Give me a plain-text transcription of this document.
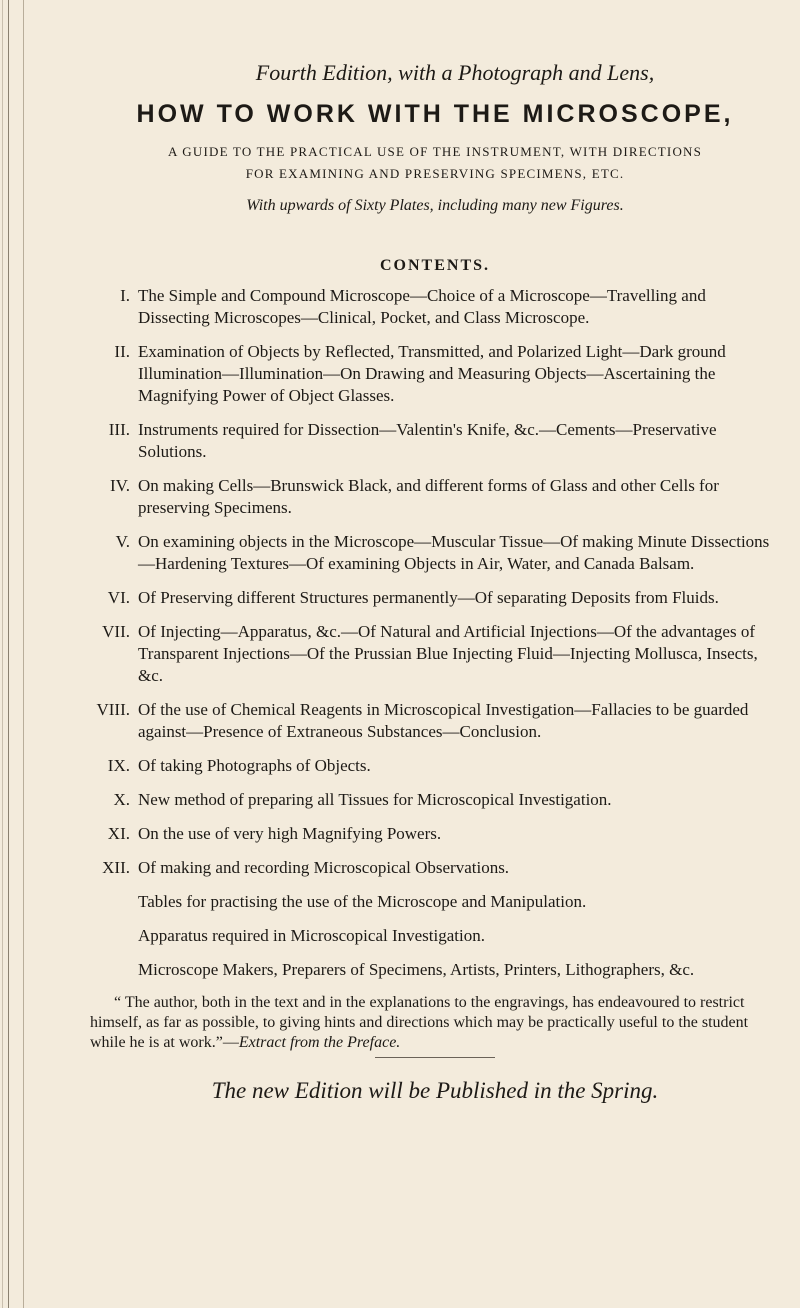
Fourth Edition, with a Photograph and Lens,

HOW TO WORK WITH THE MICROSCOPE,

A GUIDE TO THE PRACTICAL USE OF THE INSTRUMENT, WITH DIRECTIONS
FOR EXAMINING AND PRESERVING SPECIMENS, ETC.

With upwards of Sixty Plates, including many new Figures.

CONTENTS.
I. The Simple and Compound Microscope—Choice of a Microscope—Travelling and Dissecting Microscopes—Clinical, Pocket, and Class Microscope.
II. Examination of Objects by Reflected, Transmitted, and Polarized Light—Dark ground Illumination—Illumination—On Drawing and Measuring Objects—Ascertaining the Magnifying Power of Object Glasses.
III. Instruments required for Dissection—Valentin's Knife, &c.—Cements—Preservative Solutions.
IV. On making Cells—Brunswick Black, and different forms of Glass and other Cells for preserving Specimens.
V. On examining objects in the Microscope—Muscular Tissue—Of making Minute Dissections—Hardening Textures—Of examining Objects in Air, Water, and Canada Balsam.
VI. Of Preserving different Structures permanently—Of separating Deposits from Fluids.
VII. Of Injecting—Apparatus, &c.—Of Natural and Artificial Injections—Of the advantages of Transparent Injections—Of the Prussian Blue Injecting Fluid—Injecting Mollusca, Insects, &c.
VIII. Of the use of Chemical Reagents in Microscopical Investigation—Fallacies to be guarded against—Presence of Extraneous Substances—Conclusion.
IX. Of taking Photographs of Objects.
X. New method of preparing all Tissues for Microscopical Investigation.
XI. On the use of very high Magnifying Powers.
XII. Of making and recording Microscopical Observations.

Tables for practising the use of the Microscope and Manipulation.

Apparatus required in Microscopical Investigation.

Microscope Makers, Preparers of Specimens, Artists, Printers, Lithographers, &c.

“ The author, both in the text and in the explanations to the engravings, has endeavoured to restrict himself, as far as possible, to giving hints and directions which may be practically useful to the student while he is at work.”—Extract from the Preface.

The new Edition will be Published in the Spring.
